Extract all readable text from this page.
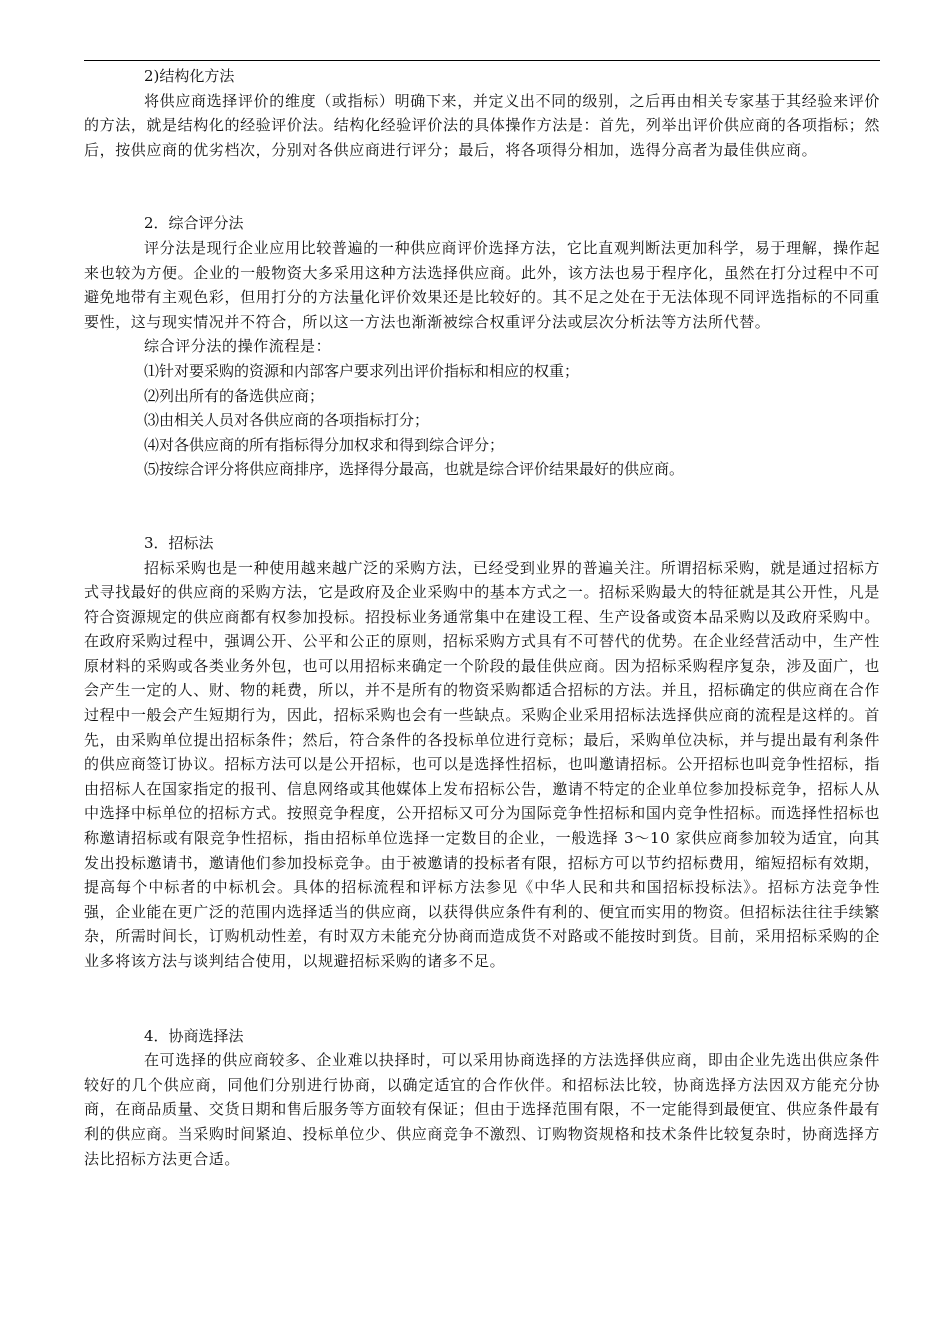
2)结构化方法

将供应商选择评价的维度（或指标）明确下来，并定义出不同的级别，之后再由相关专家基于其经验来评价的方法，就是结构化的经验评价法。结构化经验评价法的具体操作方法是：首先，列举出评价供应商的各项指标；然后，按供应商的优劣档次，分别对各供应商进行评分；最后，将各项得分相加，选得分高者为最佳供应商。

2．综合评分法

评分法是现行企业应用比较普遍的一种供应商评价选择方法，它比直观判断法更加科学，易于理解，操作起来也较为方便。企业的一般物资大多采用这种方法选择供应商。此外，该方法也易于程序化，虽然在打分过程中不可避免地带有主观色彩，但用打分的方法量化评价效果还是比较好的。其不足之处在于无法体现不同评选指标的不同重要性，这与现实情况并不符合，所以这一方法也渐渐被综合权重评分法或层次分析法等方法所代替。

综合评分法的操作流程是：

⑴针对要采购的资源和内部客户要求列出评价指标和相应的权重；

⑵列出所有的备选供应商；

⑶由相关人员对各供应商的各项指标打分；

⑷对各供应商的所有指标得分加权求和得到综合评分；

⑸按综合评分将供应商排序，选择得分最高，也就是综合评价结果最好的供应商。

3．招标法

招标采购也是一种使用越来越广泛的采购方法，已经受到业界的普遍关注。所谓招标采购，就是通过招标方式寻找最好的供应商的采购方法，它是政府及企业采购中的基本方式之一。招标采购最大的特征就是其公开性，凡是符合资源规定的供应商都有权参加投标。招投标业务通常集中在建设工程、生产设备或资本品采购以及政府采购中。在政府采购过程中，强调公开、公平和公正的原则，招标采购方式具有不可替代的优势。在企业经营活动中，生产性原材料的采购或各类业务外包，也可以用招标来确定一个阶段的最佳供应商。因为招标采购程序复杂，涉及面广，也会产生一定的人、财、物的耗费，所以，并不是所有的物资采购都适合招标的方法。并且，招标确定的供应商在合作过程中一般会产生短期行为，因此，招标采购也会有一些缺点。采购企业采用招标法选择供应商的流程是这样的。首先，由采购单位提出招标条件；然后，符合条件的各投标单位进行竞标；最后，采购单位决标，并与提出最有利条件的供应商签订协议。招标方法可以是公开招标，也可以是选择性招标，也叫邀请招标。公开招标也叫竞争性招标，指由招标人在国家指定的报刊、信息网络或其他媒体上发布招标公告，邀请不特定的企业单位参加投标竞争，招标人从中选择中标单位的招标方式。按照竞争程度，公开招标又可分为国际竞争性招标和国内竞争性招标。而选择性招标也称邀请招标或有限竞争性招标，指由招标单位选择一定数目的企业，一般选择 3～10 家供应商参加较为适宜，向其发出投标邀请书，邀请他们参加投标竞争。由于被邀请的投标者有限，招标方可以节约招标费用，缩短招标有效期，提高每个中标者的中标机会。具体的招标流程和评标方法参见《中华人民和共和国招标投标法》。招标方法竞争性强，企业能在更广泛的范围内选择适当的供应商，以获得供应条件有利的、便宜而实用的物资。但招标法往往手续繁杂，所需时间长，订购机动性差，有时双方未能充分协商而造成货不对路或不能按时到货。目前，采用招标采购的企业多将该方法与谈判结合使用，以规避招标采购的诸多不足。

4．协商选择法

在可选择的供应商较多、企业难以抉择时，可以采用协商选择的方法选择供应商，即由企业先选出供应条件较好的几个供应商，同他们分别进行协商，以确定适宜的合作伙伴。和招标法比较，协商选择方法因双方能充分协商，在商品质量、交货日期和售后服务等方面较有保证；但由于选择范围有限，不一定能得到最便宜、供应条件最有利的供应商。当采购时间紧迫、投标单位少、供应商竞争不激烈、订购物资规格和技术条件比较复杂时，协商选择方法比招标方法更合适。
